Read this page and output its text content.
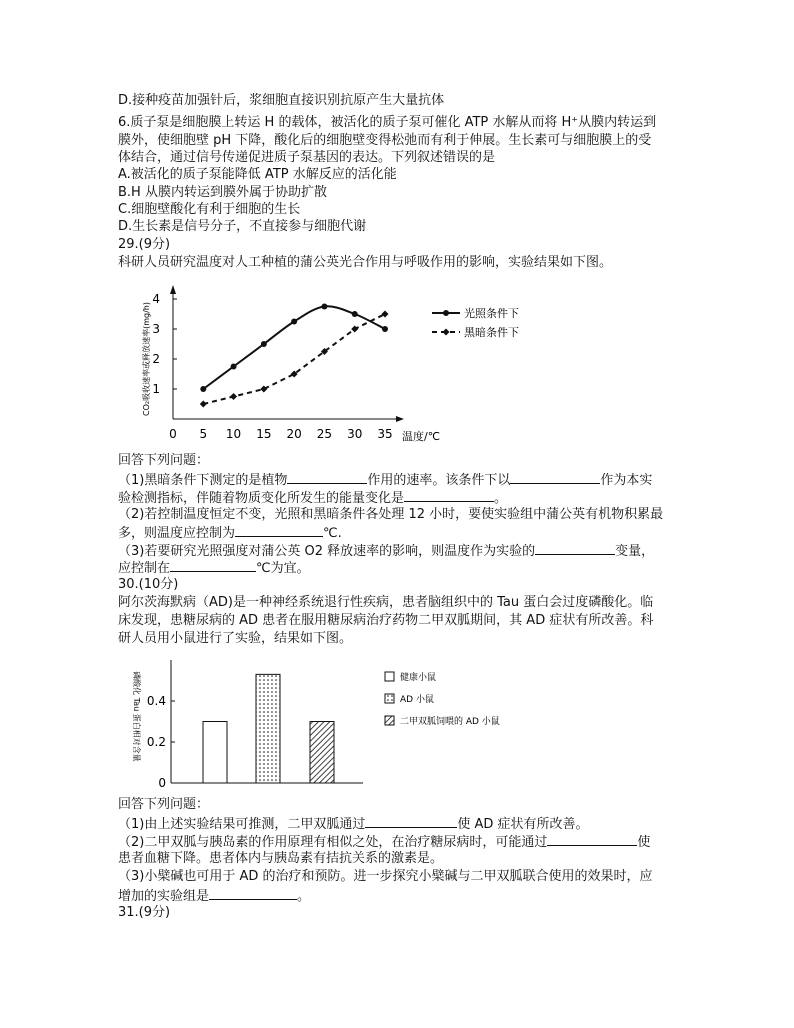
D.接种疫苗加强针后，浆细胞直接识别抗原产生大量抗体
6.质子泵是细胞膜上转运 H 的载体，被活化的质子泵可催化 ATP 水解从而将 H⁺从膜内转运到
膜外，使细胞壁 pH 下降，酸化后的细胞壁变得松弛而有利于伸展。生长素可与细胞膜上的受
体结合，通过信号传递促进质子泵基因的表达。下列叙述错误的是
A.被活化的质子泵能降低 ATP 水解反应的活化能
B.H 从膜内转运到膜外属于协助扩散
C.细胞壁酸化有利于细胞的生长
D.生长素是信号分子，不直接参与细胞代谢
29.(9分)
科研人员研究温度对人工种植的蒲公英光合作用与呼吸作用的影响，实验结果如下图。
1
2
3
4
0 5 10 15 20 25 30 35 温度/℃
CO₂吸收速率或释放速率(mg/h)	光照条件下
黑暗条件下
回答下列问题：
（1)黑暗条件下测定的是植物	作用的速率。该条件下以	作为本实
验检测指标，伴随着物质变化所发生的能量变化是	。
（2)若控制温度恒定不变，光照和黑暗条件各处理 12 小时，要使实验组中蒲公英有机物积累最
多，则温度应控制为	℃.
（3)若要研究光照强度对蒲公英 O2 释放速率的影响，则温度作为实验的	变量，
应控制在	℃为宜。
30.(10分)
阿尔茨海默病（AD)是一种神经系统退行性疾病，患者脑组织中的 Tau 蛋白会过度磷酸化。临
床发现，患糖尿病的 AD 患者在服用糖尿病治疗药物二甲双胍期间，其 AD 症状有所改善。科
研人员用小鼠进行了实验，结果如下图。
0
0.2
0.4
磷酸化 Tau 蛋白相对含量	健康小鼠
AD 小鼠
二甲双胍饲喂的 AD 小鼠
回答下列问题：
（1)由上述实验结果可推测，二甲双胍通过	使 AD 症状有所改善。
（2)二甲双胍与胰岛素的作用原理有相似之处，在治疗糖尿病时，可能通过	使
患者血糖下降。患者体内与胰岛素有拮抗关系的激素是。
（3)小檗碱也可用于 AD 的治疗和预防。进一步探究小檗碱与二甲双胍联合使用的效果时，应
增加的实验组是	。
31.(9分)
